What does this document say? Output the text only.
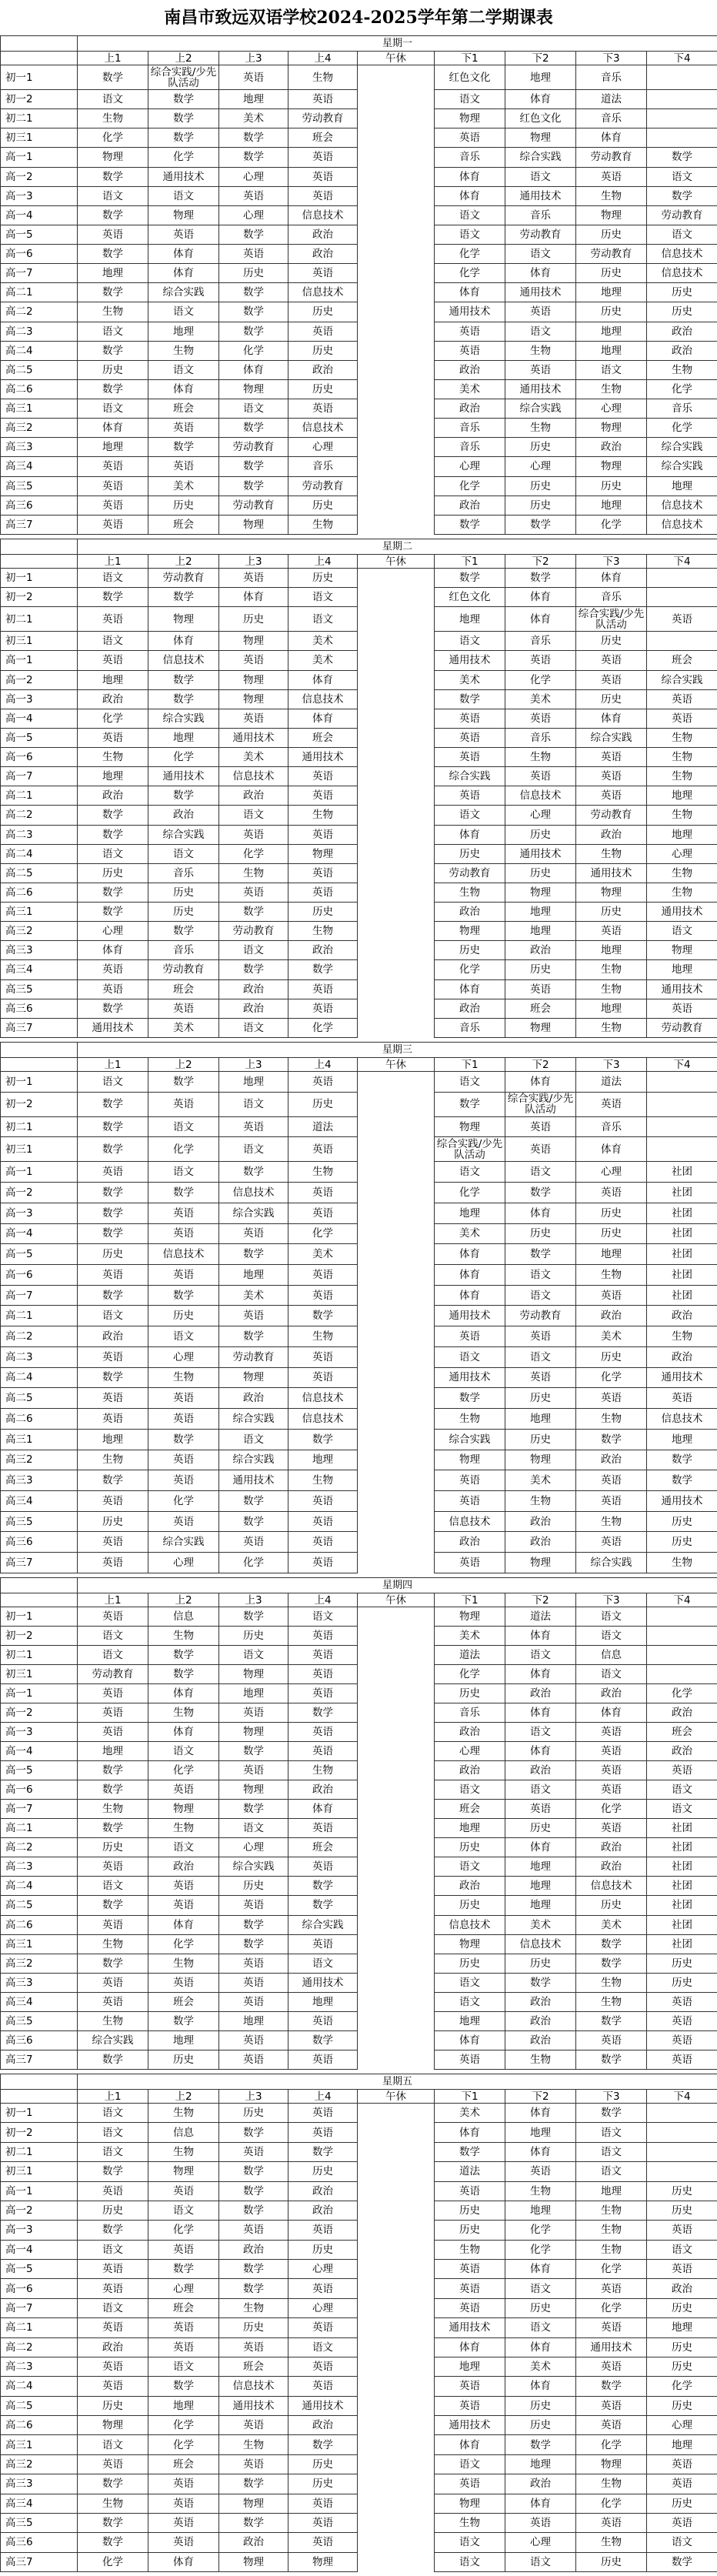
南昌市致远双语学校2024-2025学年第二学期课表
	星期一								
	上1	上2	上3	上4	午休	下1	下2	下3	下4
初一1	数学	综合实践/少先队活动	英语	生物		红色文化	地理	音乐	
初一2	语文	数学	地理	英语		语文	体育	道法	
初二1	生物	数学	美术	劳动教育		物理	红色文化	音乐	
初三1	化学	数学	数学	班会		英语	物理	体育	
高一1	物理	化学	数学	英语		音乐	综合实践	劳动教育	数学
高一2	数学	通用技术	心理	英语		体育	语文	英语	语文
高一3	语文	语文	英语	英语		体育	通用技术	生物	数学
高一4	数学	物理	心理	信息技术		语文	音乐	物理	劳动教育
高一5	英语	英语	数学	政治		语文	劳动教育	历史	语文
高一6	数学	体育	英语	政治		化学	语文	劳动教育	信息技术
高一7	地理	体育	历史	英语		化学	体育	历史	信息技术
高二1	数学	综合实践	数学	信息技术		体育	通用技术	地理	历史
高二2	生物	语文	数学	历史		通用技术	英语	历史	历史
高二3	语文	地理	数学	英语		英语	语文	地理	政治
高二4	数学	生物	化学	历史		英语	生物	地理	政治
高二5	历史	语文	体育	政治		政治	英语	语文	生物
高二6	数学	体育	物理	历史		美术	通用技术	生物	化学
高三1	语文	班会	语文	英语		政治	综合实践	心理	音乐
高三2	体育	英语	数学	信息技术		音乐	生物	物理	化学
高三3	地理	数学	劳动教育	心理		音乐	历史	政治	综合实践
高三4	英语	英语	数学	音乐		心理	心理	物理	综合实践
高三5	英语	美术	数学	劳动教育		化学	历史	历史	地理
高三6	英语	历史	劳动教育	历史		政治	历史	地理	信息技术
高三7	英语	班会	物理	生物		数学	数学	化学	信息技术
	星期二								
	上1	上2	上3	上4	午休	下1	下2	下3	下4
初一1	语文	劳动教育	英语	历史		数学	数学	体育	
初一2	数学	数学	体育	语文		红色文化	体育	音乐	
初二1	英语	物理	历史	语文		地理	体育	综合实践/少先队活动	英语
初三1	语文	体育	物理	美术		语文	音乐	历史	
高一1	英语	信息技术	英语	美术		通用技术	英语	英语	班会
高一2	地理	数学	物理	体育		美术	化学	英语	综合实践
高一3	政治	数学	物理	信息技术		数学	美术	历史	英语
高一4	化学	综合实践	英语	体育		英语	英语	体育	英语
高一5	英语	地理	通用技术	班会		英语	音乐	综合实践	生物
高一6	生物	化学	美术	通用技术		英语	生物	英语	生物
高一7	地理	通用技术	信息技术	英语		综合实践	英语	英语	生物
高二1	政治	数学	政治	英语		英语	信息技术	英语	地理
高二2	数学	政治	语文	生物		语文	心理	劳动教育	生物
高二3	数学	综合实践	英语	英语		体育	历史	政治	地理
高二4	语文	语文	化学	物理		历史	通用技术	生物	心理
高二5	历史	音乐	生物	英语		劳动教育	历史	通用技术	生物
高二6	数学	历史	英语	英语		生物	物理	物理	生物
高三1	数学	历史	数学	历史		政治	地理	历史	通用技术
高三2	心理	数学	劳动教育	生物		物理	地理	英语	语文
高三3	体育	音乐	语文	政治		历史	政治	地理	物理
高三4	英语	劳动教育	数学	数学		化学	历史	生物	地理
高三5	英语	班会	政治	英语		体育	英语	生物	通用技术
高三6	数学	英语	政治	英语		政治	班会	地理	英语
高三7	通用技术	美术	语文	化学		音乐	物理	生物	劳动教育
	星期三								
	上1	上2	上3	上4	午休	下1	下2	下3	下4
初一1	语文	数学	地理	英语		语文	体育	道法	
初一2	数学	英语	语文	历史		数学	综合实践/少先队活动	英语	
初二1	数学	语文	英语	道法		物理	英语	音乐	
初三1	数学	化学	语文	英语		综合实践/少先队活动	英语	体育	
高一1	英语	语文	数学	生物		语文	语文	心理	社团
高一2	数学	数学	信息技术	英语		化学	数学	英语	社团
高一3	数学	英语	综合实践	英语		地理	体育	历史	社团
高一4	数学	英语	英语	化学		美术	历史	历史	社团
高一5	历史	信息技术	数学	美术		体育	数学	地理	社团
高一6	英语	英语	地理	英语		体育	语文	生物	社团
高一7	数学	数学	美术	英语		体育	语文	英语	社团
高二1	语文	历史	英语	数学		通用技术	劳动教育	政治	政治
高二2	政治	语文	数学	生物		英语	英语	美术	生物
高二3	英语	心理	劳动教育	英语		语文	语文	历史	政治
高二4	数学	生物	物理	英语		通用技术	英语	化学	通用技术
高二5	英语	英语	政治	信息技术		数学	历史	英语	英语
高二6	英语	英语	综合实践	信息技术		生物	地理	生物	信息技术
高三1	地理	数学	语文	数学		综合实践	历史	数学	地理
高三2	生物	英语	综合实践	地理		物理	物理	政治	数学
高三3	数学	英语	通用技术	生物		英语	美术	英语	数学
高三4	英语	化学	数学	英语		英语	生物	英语	通用技术
高三5	历史	英语	数学	英语		信息技术	政治	生物	历史
高三6	英语	综合实践	英语	英语		政治	政治	英语	历史
高三7	英语	心理	化学	英语		英语	物理	综合实践	生物
	星期四								
	上1	上2	上3	上4	午休	下1	下2	下3	下4
初一1	英语	信息	数学	语文		物理	道法	语文	
初一2	语文	生物	历史	英语		美术	体育	语文	
初二1	语文	数学	语文	英语		道法	语文	信息	
初三1	劳动教育	数学	物理	英语		化学	体育	语文	
高一1	英语	体育	地理	英语		历史	政治	政治	化学
高一2	英语	生物	英语	数学		音乐	体育	体育	政治
高一3	英语	体育	物理	英语		政治	语文	英语	班会
高一4	地理	语文	数学	英语		心理	体育	英语	政治
高一5	数学	化学	英语	生物		政治	政治	英语	英语
高一6	数学	英语	物理	政治		语文	语文	英语	语文
高一7	生物	物理	数学	体育		班会	英语	化学	语文
高二1	数学	生物	语文	英语		地理	历史	英语	社团
高二2	历史	语文	心理	班会		历史	体育	政治	社团
高二3	英语	政治	综合实践	英语		语文	地理	政治	社团
高二4	语文	英语	历史	数学		政治	地理	信息技术	社团
高二5	数学	英语	英语	数学		历史	地理	历史	社团
高二6	英语	体育	数学	综合实践		信息技术	美术	美术	社团
高三1	生物	化学	数学	英语		物理	信息技术	数学	社团
高三2	数学	生物	英语	语文		历史	历史	数学	历史
高三3	英语	英语	英语	通用技术		语文	数学	生物	历史
高三4	英语	班会	英语	地理		语文	政治	生物	英语
高三5	生物	数学	地理	英语		地理	政治	数学	英语
高三6	综合实践	地理	英语	数学		体育	政治	英语	英语
高三7	数学	历史	英语	英语		英语	生物	数学	英语
	星期五								
	上1	上2	上3	上4	午休	下1	下2	下3	下4
初一1	语文	生物	历史	英语		美术	体育	数学	
初一2	语文	信息	数学	英语		体育	地理	语文	
初二1	语文	生物	英语	数学		数学	体育	语文	
初三1	数学	物理	数学	历史		道法	英语	语文	
高一1	英语	英语	数学	政治		英语	生物	地理	历史
高一2	历史	语文	数学	政治		历史	地理	生物	历史
高一3	数学	化学	英语	英语		历史	化学	生物	英语
高一4	语文	英语	政治	历史		生物	化学	生物	语文
高一5	英语	数学	数学	心理		英语	体育	化学	英语
高一6	英语	心理	数学	英语		英语	语文	英语	政治
高一7	语文	班会	生物	心理		英语	历史	化学	历史
高二1	英语	英语	历史	英语		通用技术	语文	英语	地理
高二2	政治	英语	英语	语文		体育	体育	通用技术	历史
高二3	英语	语文	班会	英语		地理	美术	英语	历史
高二4	英语	数学	信息技术	英语		英语	体育	数学	化学
高二5	历史	地理	通用技术	通用技术		英语	历史	英语	历史
高二6	物理	化学	英语	政治		通用技术	历史	英语	心理
高三1	语文	化学	生物	数学		体育	数学	化学	地理
高三2	英语	班会	英语	历史		语文	地理	物理	英语
高三3	数学	英语	数学	历史		英语	政治	生物	英语
高三4	生物	英语	物理	英语		物理	体育	化学	历史
高三5	数学	英语	数学	英语		生物	英语	英语	英语
高三6	数学	英语	政治	英语		语文	心理	生物	语文
高三7	化学	体育	物理	物理		语文	语文	历史	数学
